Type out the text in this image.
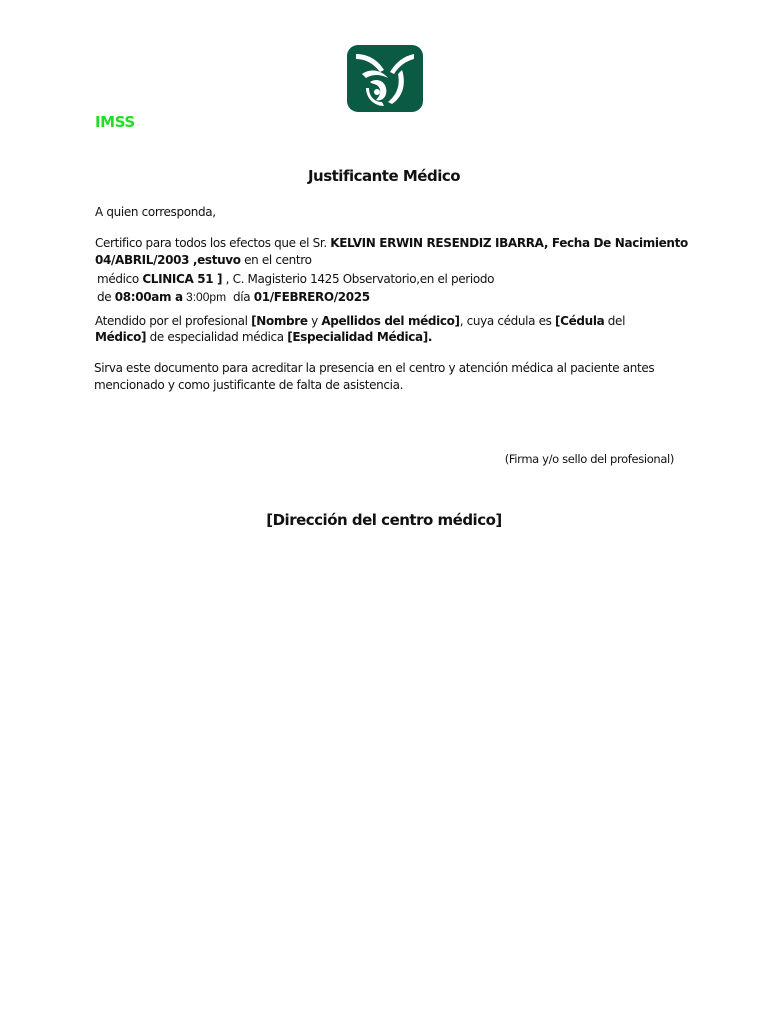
IMSS
Justificante Médico
A quien corresponda,
Certifico para todos los efectos que el Sr. KELVIN ERWIN RESENDIZ IBARRA, Fecha De Nacimiento
04/ABRIL/2003 ,estuvo en el centro
médico CLINICA 51 ] , C. Magisterio 1425 Observatorio,en el periodo
de 08:00am a 3:00pm  día 01/FEBRERO/2025
Atendido por el profesional [Nombre y Apellidos del médico], cuya cédula es [Cédula del
Médico] de especialidad médica [Especialidad Médica].
Sirva este documento para acreditar la presencia en el centro y atención médica al paciente antes
mencionado y como justificante de falta de asistencia.
(Firma y/o sello del profesional)
[Dirección del centro médico]
